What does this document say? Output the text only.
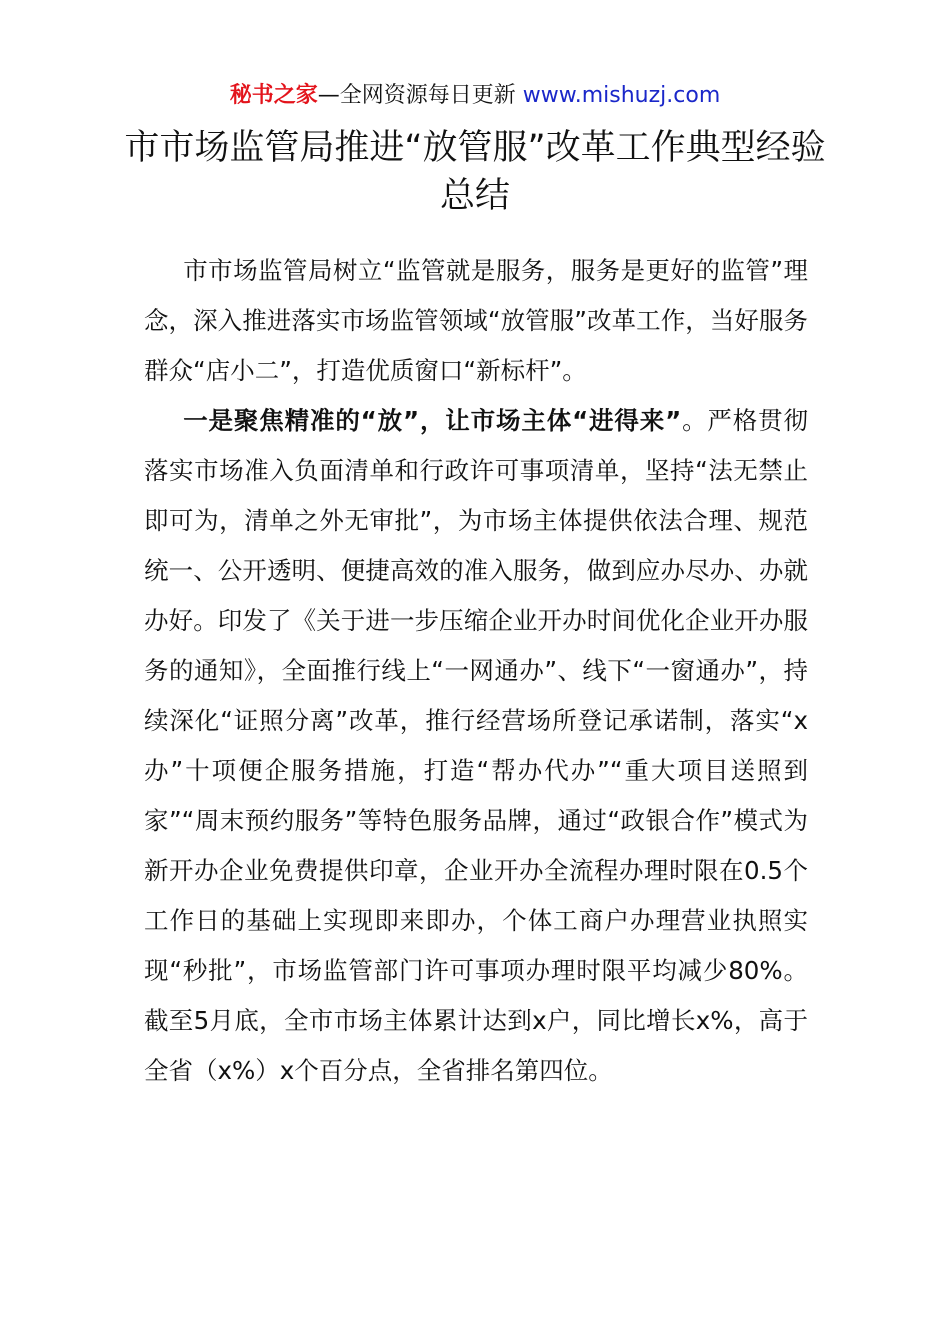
秘书之家—全网资源每日更新 www.mishuzj.com
市市场监管局推进“放管服”改革工作典型经验总结

市市场监管局树立“监管就是服务，服务是更好的监管”理念，深入推进落实市场监管领域“放管服”改革工作，当好服务群众“店小二”，打造优质窗口“新标杆”。

一是聚焦精准的“放”，让市场主体“进得来”。严格贯彻落实市场准入负面清单和行政许可事项清单，坚持“法无禁止即可为，清单之外无审批”，为市场主体提供依法合理、规范统一、公开透明、便捷高效的准入服务，做到应办尽办、办就办好。印发了《关于进一步压缩企业开办时间优化企业开办服务的通知》，全面推行线上“一网通办”、线下“一窗通办”，持续深化“证照分离”改革，推行经营场所登记承诺制，落实“x办”十项便企服务措施，打造“帮办代办”“重大项目送照到家”“周末预约服务”等特色服务品牌，通过“政银合作”模式为新开办企业免费提供印章，企业开办全流程办理时限在0.5个工作日的基础上实现即来即办，个体工商户办理营业执照实现“秒批”，市场监管部门许可事项办理时限平均减少80%。截至5月底，全市市场主体累计达到x户，同比增长x%，高于全省（x%）x个百分点，全省排名第四位。
